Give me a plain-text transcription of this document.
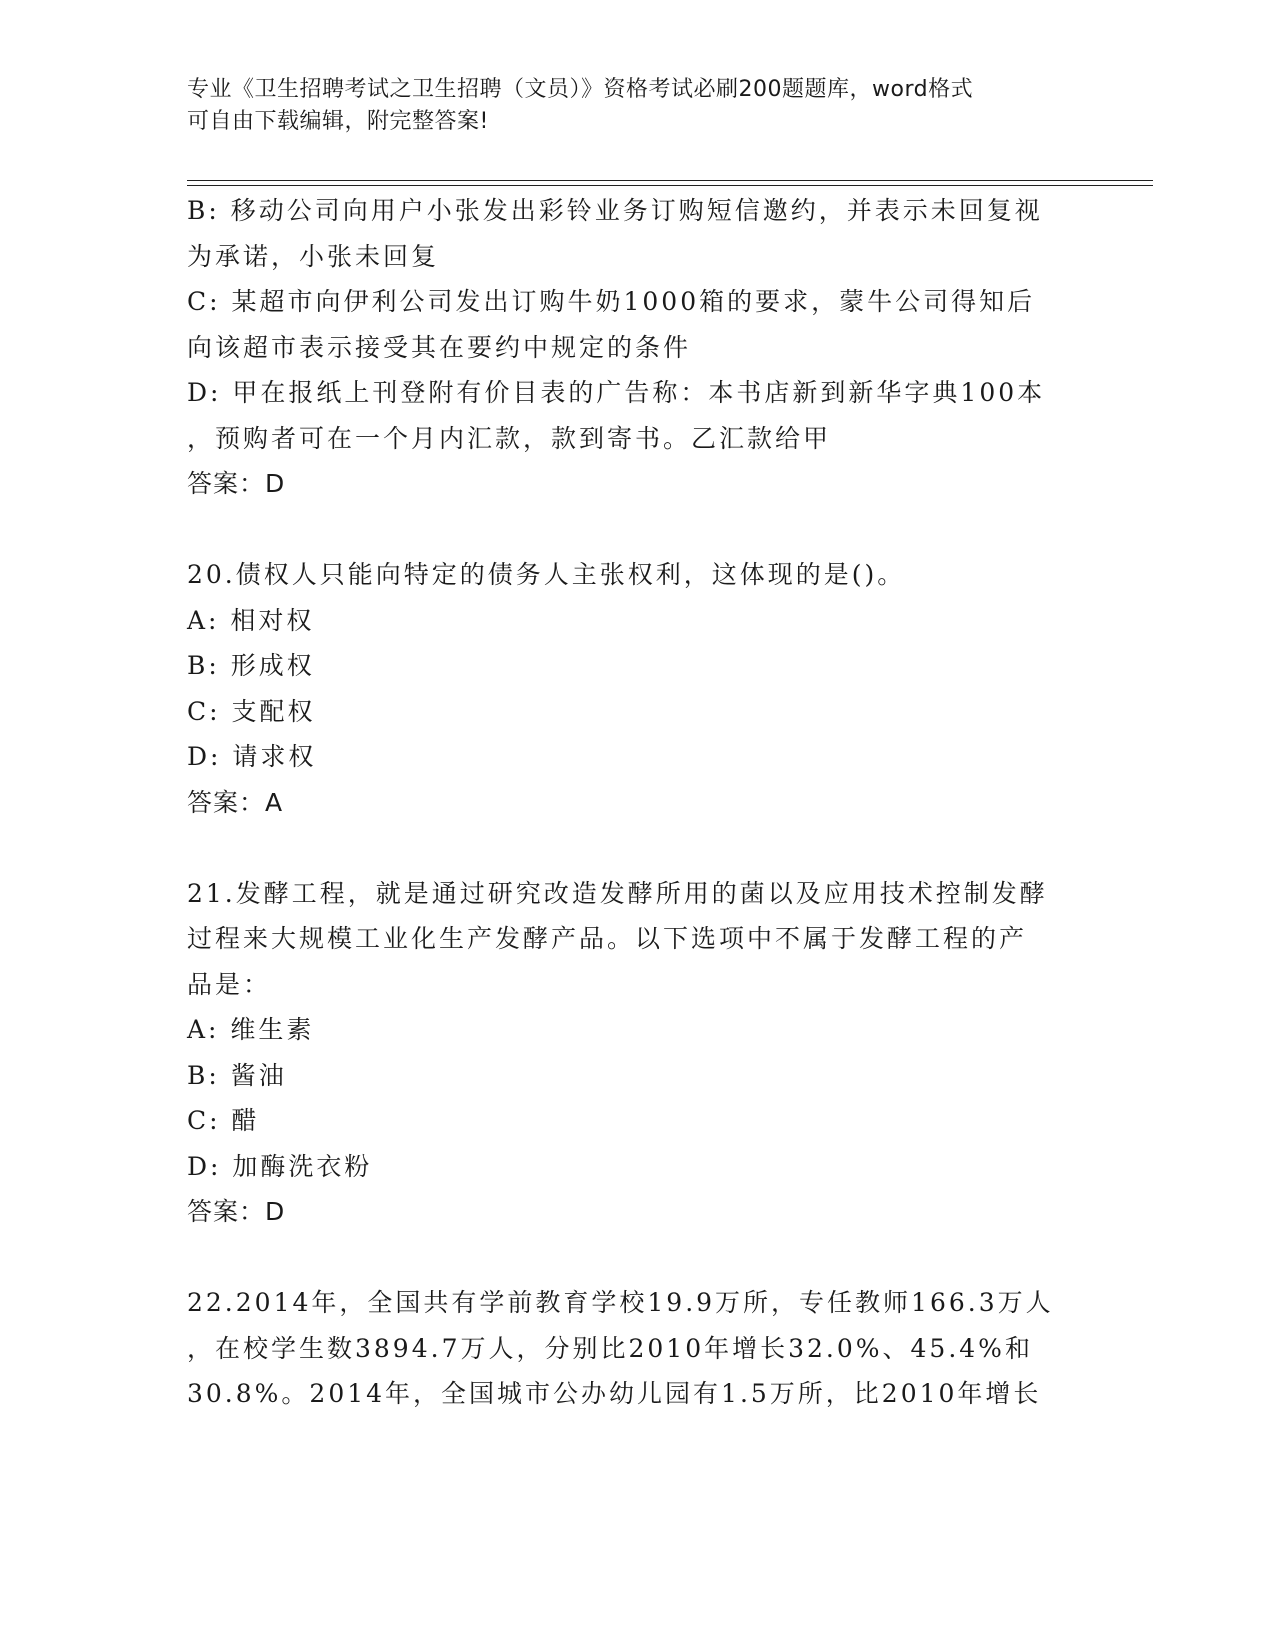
专业《卫生招聘考试之卫生招聘（文员）》资格考试必刷200题题库，word格式
可自由下载编辑，附完整答案!
B: 移动公司向用户小张发出彩铃业务订购短信邀约，并表示未回复视
为承诺，小张未回复
C: 某超市向伊利公司发出订购牛奶1000箱的要求，蒙牛公司得知后
向该超市表示接受其在要约中规定的条件
D: 甲在报纸上刊登附有价目表的广告称：本书店新到新华字典100本
，预购者可在一个月内汇款，款到寄书。乙汇款给甲
答案：D
20.债权人只能向特定的债务人主张权利，这体现的是()。
A: 相对权
B: 形成权
C: 支配权
D: 请求权
答案：A
21.发酵工程，就是通过研究改造发酵所用的菌以及应用技术控制发酵
过程来大规模工业化生产发酵产品。以下选项中不属于发酵工程的产
品是：
A: 维生素
B: 酱油
C: 醋
D: 加酶洗衣粉
答案：D
22.2014年，全国共有学前教育学校19.9万所，专任教师166.3万人
，在校学生数3894.7万人，分别比2010年增长32.0%、45.4%和
30.8%。2014年，全国城市公办幼儿园有1.5万所，比2010年增长
